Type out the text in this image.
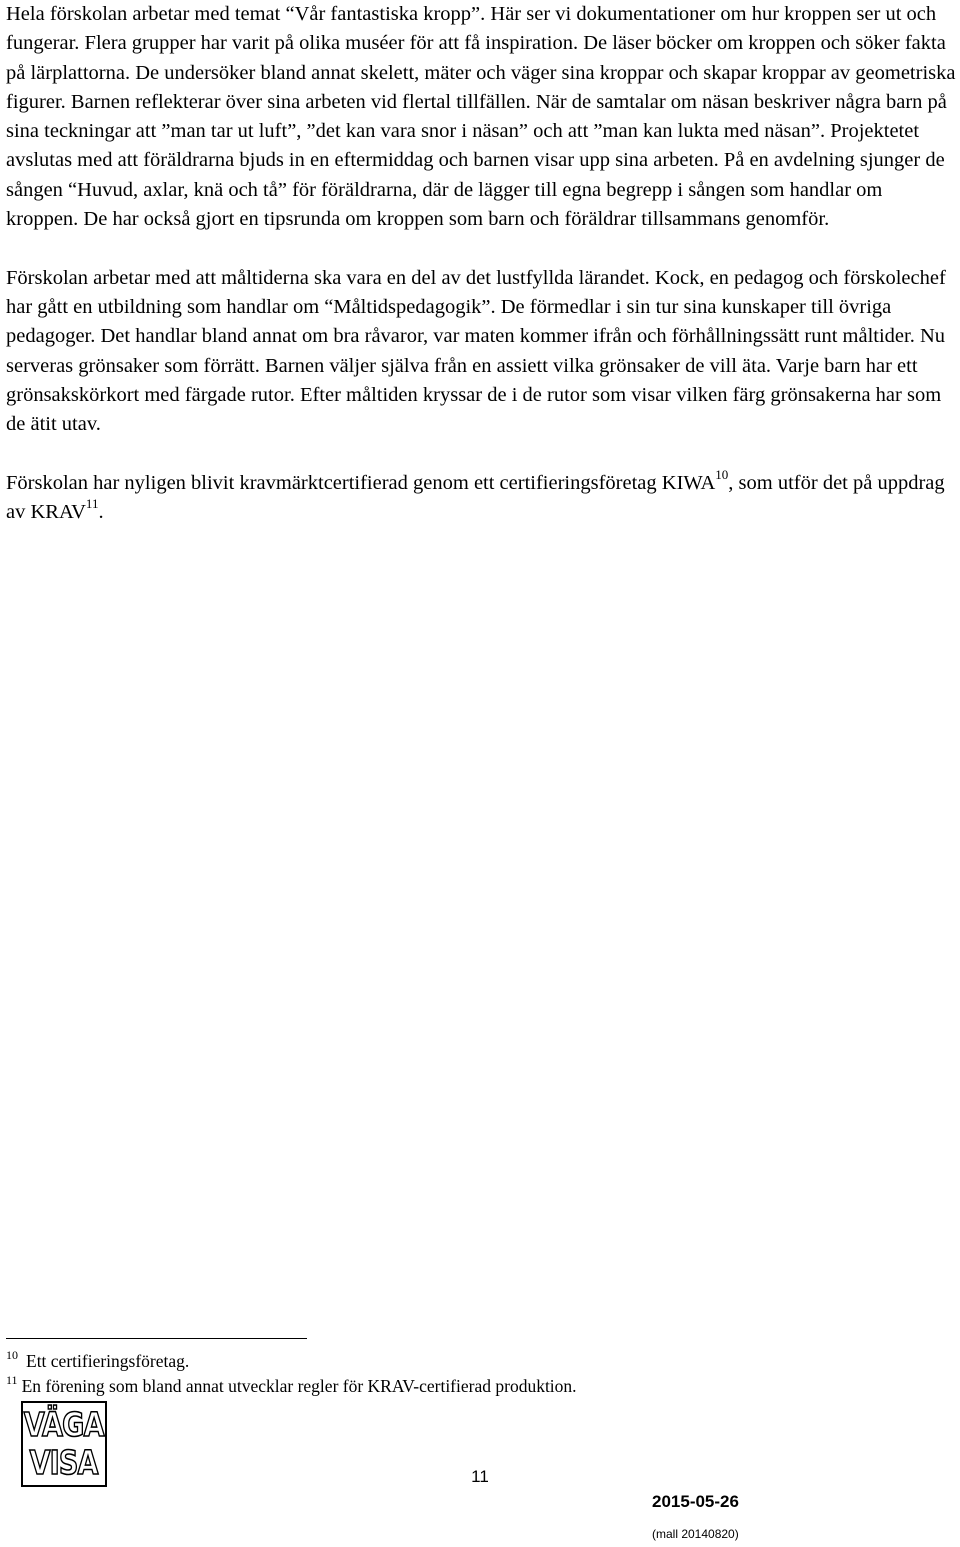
Hela förskolan arbetar med temat “Vår fantastiska kropp”. Här ser vi dokumentationer om hur kroppen ser ut och fungerar. Flera grupper har varit på olika muséer för att få inspiration. De läser böcker om kroppen och söker fakta på lärplattorna. De undersöker bland annat skelett, mäter och väger sina kroppar och skapar kroppar av geometriska figurer. Barnen reflekterar över sina arbeten vid flertal tillfällen. När de samtalar om näsan beskriver några barn på sina teckningar att ”man tar ut luft”, ”det kan vara snor i näsan” och att ”man kan lukta med näsan”. Projektetet avslutas med att föräldrarna bjuds in en eftermiddag och barnen visar upp sina arbeten. På en avdelning sjunger de sången “Huvud, axlar, knä och tå” för föräldrarna, där de lägger till egna begrepp i sången som handlar om kroppen. De har också gjort en tipsrunda om kroppen som barn och föräldrar tillsammans genomför.

Förskolan arbetar med att måltiderna ska vara en del av det lustfyllda lärandet. Kock, en pedagog och förskolechef har gått en utbildning som handlar om “Måltidspedagogik”. De förmedlar i sin tur sina kunskaper till övriga pedagoger. Det handlar bland annat om bra råvaror, var maten kommer ifrån och förhållningssätt runt måltider. Nu serveras grönsaker som förrätt. Barnen väljer själva från en assiett vilka grönsaker de vill äta. Varje barn har ett grönsakskörkort med färgade rutor. Efter måltiden kryssar de i de rutor som visar vilken färg grönsakerna har som de ätit utav.

Förskolan har nyligen blivit kravmärktcertifierad genom ett certifieringsföretag KIWA$^{10}$, som utför det på uppdrag av KRAV$^{11}$.

$^{10}$ Ett certifieringsföretag.
$^{11}$ En förening som bland annat utvecklar regler för KRAV-certifierad produktion.
VÄGA
VISA	11
2015-05-26
(mall 20140820)
